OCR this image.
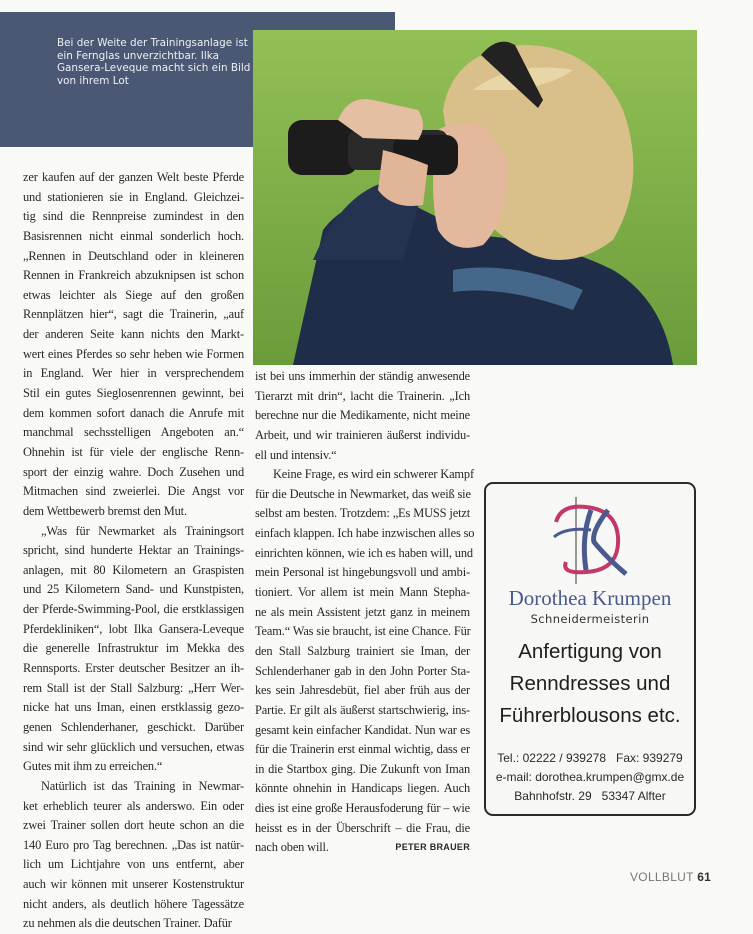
Bei der Weite der Trainingsanlage ist ein Fernglas unverzichtbar. Ilka Gansera-Leveque macht sich ein Bild von ihrem Lot
zer kaufen auf der ganzen Welt beste Pferde
und stationieren sie in England. Gleichzei-
tig sind die Rennpreise zumindest in den
Basisrennen nicht einmal sonderlich hoch.
„Rennen in Deutschland oder in kleineren
Rennen in Frankreich abzuknipsen ist schon
etwas leichter als Siege auf den großen
Rennplätzen hier“, sagt die Trainerin, „auf
der anderen Seite kann nichts den Markt-
wert eines Pferdes so sehr heben wie Formen
in England. Wer hier in versprechendem
Stil ein gutes Sieglosenrennen gewinnt, bei
dem kommen sofort danach die Anrufe mit
manchmal sechsstelligen Angeboten an.“
Ohnehin ist für viele der englische Renn-
sport der einzig wahre. Doch Zusehen und
Mitmachen sind zweierlei. Die Angst vor
dem Wettbewerb bremst den Mut.
„Was für Newmarket als Trainingsort
spricht, sind hunderte Hektar an Trainings-
anlagen, mit 80 Kilometern an Graspisten
und 25 Kilometern Sand- und Kunstpisten,
der Pferde-Swimming-Pool, die erstklassigen
Pferdekliniken“, lobt Ilka Gansera-Leveque
die generelle Infrastruktur im Mekka des
Rennsports. Erster deutscher Besitzer an ih-
rem Stall ist der Stall Salzburg: „Herr Wer-
nicke hat uns Iman, einen erstklassig gezo-
genen Schlenderhaner, geschickt. Darüber
sind wir sehr glücklich und versuchen, etwas
Gutes mit ihm zu erreichen.“
Natürlich ist das Training in Newmar-
ket erheblich teurer als anderswo. Ein oder
zwei Trainer sollen dort heute schon an die
140 Euro pro Tag berechnen. „Das ist natür-
lich um Lichtjahre von uns entfernt, aber
auch wir können mit unserer Kostenstruktur
nicht anders, als deutlich höhere Tagessätze
zu nehmen als die deutschen Trainer. Dafür
ist bei uns immerhin der ständig anwesende
Tierarzt mit drin“, lacht die Trainerin. „Ich
berechne nur die Medikamente, nicht meine
Arbeit, und wir trainieren äußerst individu-
ell und intensiv.“
Keine Frage, es wird ein schwerer Kampf
für die Deutsche in Newmarket, das weiß sie
selbst am besten. Trotzdem: „Es MUSS jetzt
einfach klappen. Ich habe inzwischen alles so
einrichten können, wie ich es haben will, und
mein Personal ist hingebungsvoll und ambi-
tioniert. Vor allem ist mein Mann Stepha-
ne als mein Assistent jetzt ganz in meinem
Team.“ Was sie braucht, ist eine Chance. Für
den Stall Salzburg trainiert sie Iman, der
Schlenderhaner gab in den John Porter Sta-
kes sein Jahresdebüt, fiel aber früh aus der
Partie. Er gilt als äußerst startschwierig, ins-
gesamt kein einfacher Kandidat. Nun war es
für die Trainerin erst einmal wichtig, dass er
in die Startbox ging. Die Zukunft von Iman
könnte ohnehin in Handicaps liegen. Auch
dies ist eine große Herausfoderung für – wie
heisst es in der Überschrift – die Frau, die
nach oben will.	PETER BRAUER
Dorothea Krumpen
Schneidermeisterin
Anfertigung von
Renndresses und
Führerblousons etc.
Tel.: 02222 / 939278   Fax: 939279
e-mail: dorothea.krumpen@gmx.de
Bahnhofstr. 29   53347 Alfter
VOLLBLUT 61
